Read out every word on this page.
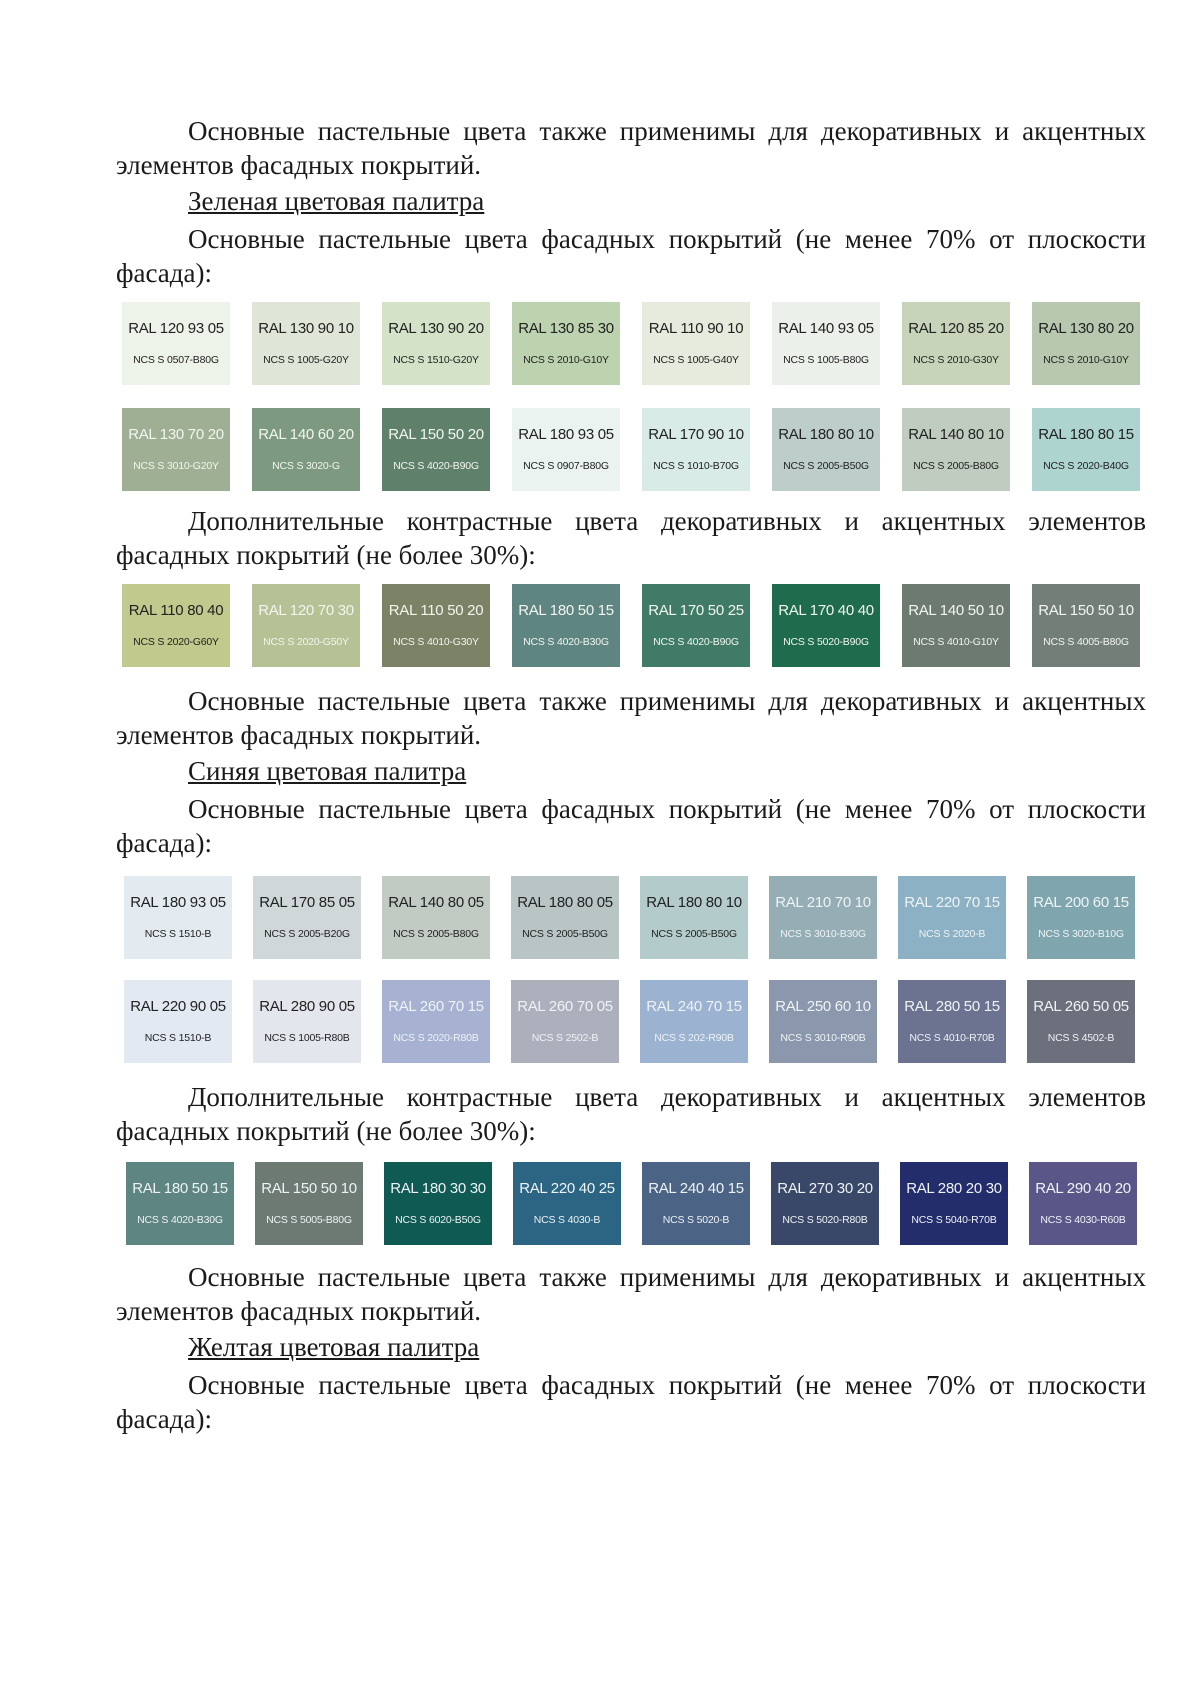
Основные пастельные цвета также применимы для декоративных и акцентных элементов фасадных покрытий.

Зеленая цветовая палитра

Основные пастельные цвета фасадных покрытий (не менее 70% от плоскости фасада):

RAL 120 93 05
NCS S 0507-B80G
RAL 130 90 10
NCS S 1005-G20Y
RAL 130 90 20
NCS S 1510-G20Y
RAL 130 85 30
NCS S 2010-G10Y
RAL 110 90 10
NCS S 1005-G40Y
RAL 140 93 05
NCS S 1005-B80G
RAL 120 85 20
NCS S 2010-G30Y
RAL 130 80 20
NCS S 2010-G10Y
RAL 130 70 20
NCS S 3010-G20Y
RAL 140 60 20
NCS S 3020-G
RAL 150 50 20
NCS S 4020-B90G
RAL 180 93 05
NCS S 0907-B80G
RAL 170 90 10
NCS S 1010-B70G
RAL 180 80 10
NCS S 2005-B50G
RAL 140 80 10
NCS S 2005-B80G
RAL 180 80 15
NCS S 2020-B40G

Дополнительные контрастные цвета декоративных и акцентных элементов фасадных покрытий (не более 30%):

RAL 110 80 40
NCS S 2020-G60Y
RAL 120 70 30
NCS S 2020-G50Y
RAL 110 50 20
NCS S 4010-G30Y
RAL 180 50 15
NCS S 4020-B30G
RAL 170 50 25
NCS S 4020-B90G
RAL 170 40 40
NCS S 5020-B90G
RAL 140 50 10
NCS S 4010-G10Y
RAL 150 50 10
NCS S 4005-B80G

Основные пастельные цвета также применимы для декоративных и акцентных элементов фасадных покрытий.

Синяя цветовая палитра

Основные пастельные цвета фасадных покрытий (не менее 70% от плоскости фасада):

RAL 180 93 05
NCS S 1510-B
RAL 170 85 05
NCS S 2005-B20G
RAL 140 80 05
NCS S 2005-B80G
RAL 180 80 05
NCS S 2005-B50G
RAL 180 80 10
NCS S 2005-B50G
RAL 210 70 10
NCS S 3010-B30G
RAL 220 70 15
NCS S 2020-B
RAL 200 60 15
NCS S 3020-B10G
RAL 220 90 05
NCS S 1510-B
RAL 280 90 05
NCS S 1005-R80B
RAL 260 70 15
NCS S 2020-R80B
RAL 260 70 05
NCS S 2502-B
RAL 240 70 15
NCS S 202-R90B
RAL 250 60 10
NCS S 3010-R90B
RAL 280 50 15
NCS S 4010-R70B
RAL 260 50 05
NCS S 4502-B

Дополнительные контрастные цвета декоративных и акцентных элементов фасадных покрытий (не более 30%):

RAL 180 50 15
NCS S 4020-B30G
RAL 150 50 10
NCS S 5005-B80G
RAL 180 30 30
NCS S 6020-B50G
RAL 220 40 25
NCS S 4030-B
RAL 240 40 15
NCS S 5020-B
RAL 270 30 20
NCS S 5020-R80B
RAL 280 20 30
NCS S 5040-R70B
RAL 290 40 20
NCS S 4030-R60B

Основные пастельные цвета также применимы для декоративных и акцентных элементов фасадных покрытий.

Желтая цветовая палитра

Основные пастельные цвета фасадных покрытий (не менее 70% от плоскости фасада):
